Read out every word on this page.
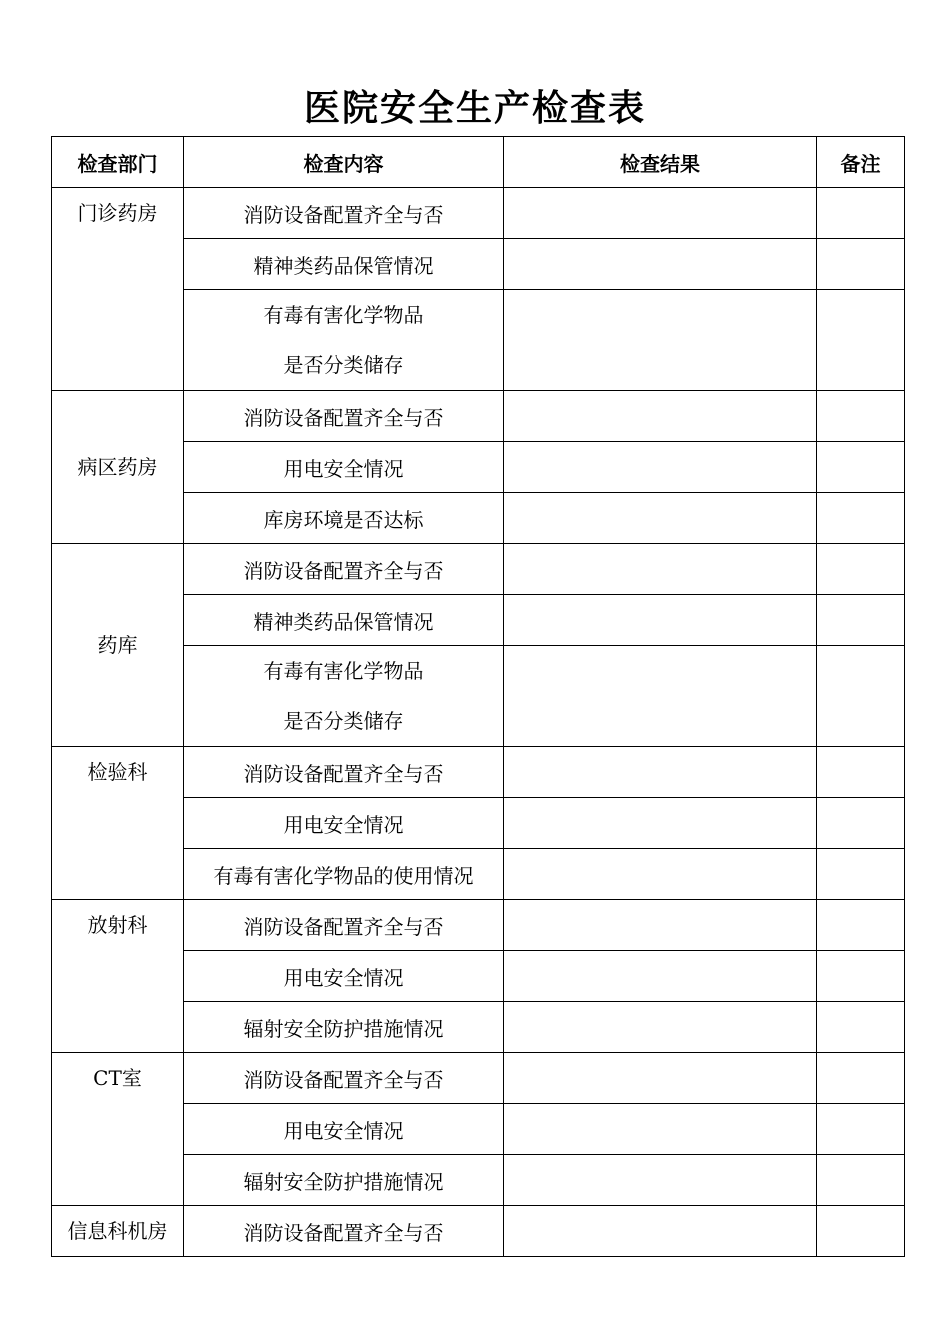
医院安全生产检查表
检查部门	检查内容	检查结果	备注
门诊药房	消防设备配置齐全与否		
	精神类药品保管情况		

	有毒有害化学物品
是否分类储存		

病区药房	消防设备配置齐全与否		
	用电安全情况		
	库房环境是否达标		
药库	消防设备配置齐全与否		
	精神类药品保管情况		

	有毒有害化学物品
是否分类储存		

检验科	消防设备配置齐全与否		
	用电安全情况		
	有毒有害化学物品的使用情况		
放射科	消防设备配置齐全与否		
	用电安全情况		
	辐射安全防护措施情况		
CT室	消防设备配置齐全与否		
	用电安全情况		
	辐射安全防护措施情况		
信息科机房	消防设备配置齐全与否		
